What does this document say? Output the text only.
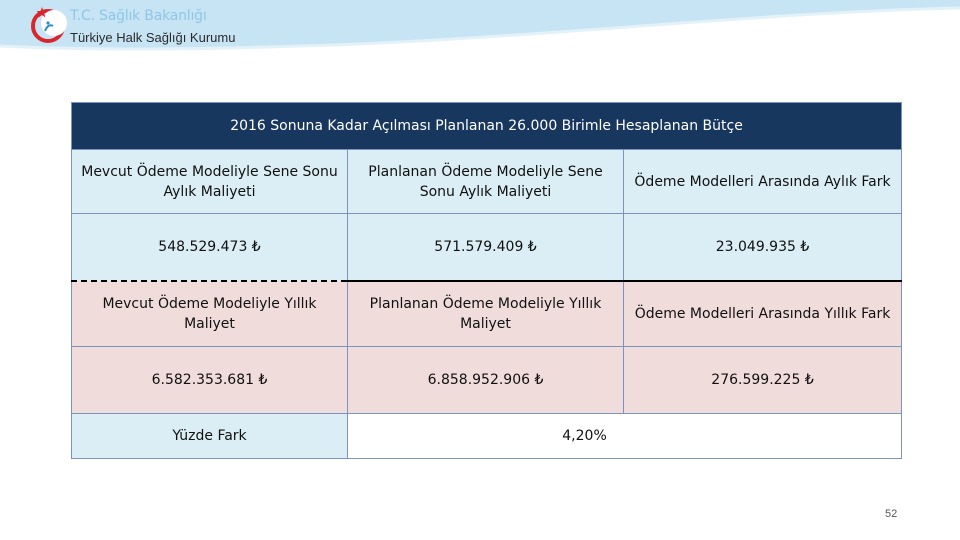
T.C. Sağlık Bakanlığı
Türkiye Halk Sağlığı Kurumu
2016 Sonuna Kadar Açılması Planlanan 26.000 Birimle Hesaplanan Bütçe		
Mevcut Ödeme Modeliyle Sene Sonu Aylık Maliyeti	Planlanan Ödeme Modeliyle Sene Sonu Aylık Maliyeti	Ödeme Modelleri Arasında Aylık Fark
548.529.473 ₺	571.579.409 ₺	23.049.935 ₺
Mevcut Ödeme Modeliyle Yıllık Maliyet	Planlanan Ödeme Modeliyle Yıllık Maliyet	Ödeme Modelleri Arasında Yıllık Fark
6.582.353.681 ₺	6.858.952.906 ₺	276.599.225 ₺
Yüzde Fark	4,20%	
52
